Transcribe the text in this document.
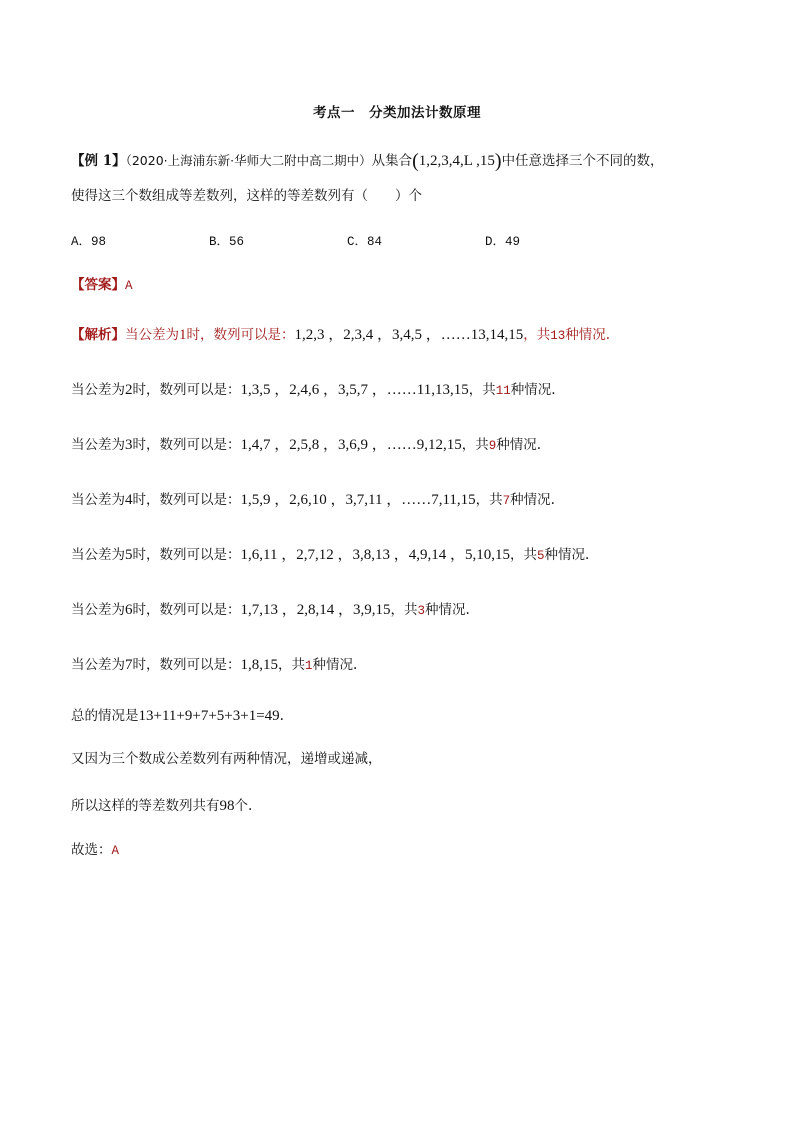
考点一 分类加法计数原理
【例 1】（2020·上海浦东新·华师大二附中高二期中）从集合(1,2,3,4,L ,15)中任意选择三个不同的数，
使得这三个数组成等差数列，这样的等差数列有（　　）个
A．98	B．56	C．84	D．49
【答案】A
【解析】当公差为1时，数列可以是：1,2,3 ，2,3,4 ，3,4,5 ，……13,14,15，共13种情况.
当公差为2时，数列可以是：1,3,5 ，2,4,6 ，3,5,7 ，……11,13,15，共11种情况.
当公差为3时，数列可以是：1,4,7 ，2,5,8 ，3,6,9 ，……9,12,15，共9种情况.
当公差为4时，数列可以是：1,5,9 ，2,6,10 ，3,7,11 ，……7,11,15，共7种情况.
当公差为5时，数列可以是：1,6,11 ，2,7,12 ，3,8,13 ，4,9,14 ，5,10,15，共5种情况.
当公差为6时，数列可以是：1,7,13 ，2,8,14 ，3,9,15，共3种情况.
当公差为7时，数列可以是：1,8,15，共1种情况.
总的情况是13+11+9+7+5+3+1=49.
又因为三个数成公差数列有两种情况，递增或递减，
所以这样的等差数列共有98个.
故选：A
